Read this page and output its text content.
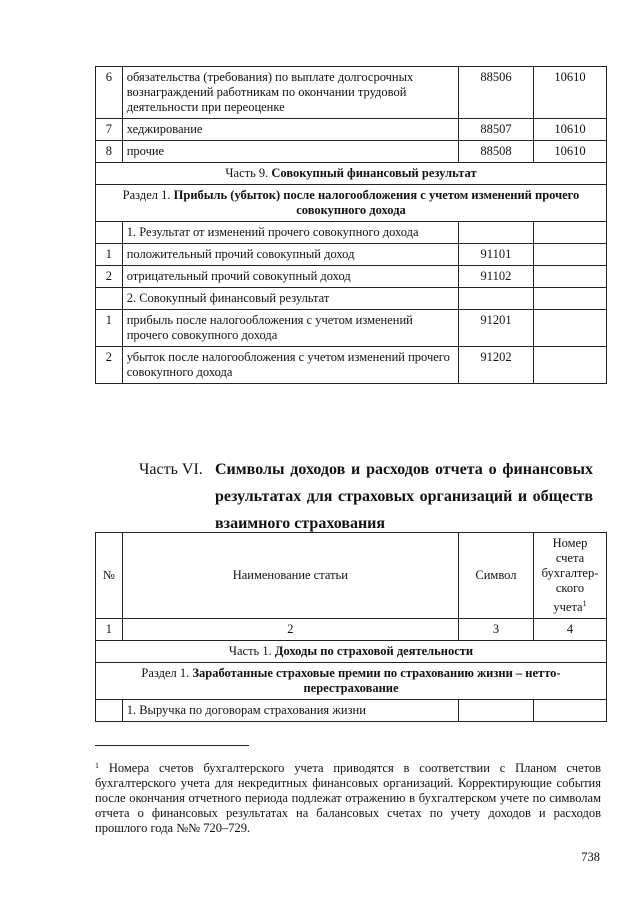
6	обязательства (требования) по выплате долгосрочных вознаграждений работникам по окончании трудовой деятельности при переоценке	88506	10610
7	хеджирование	88507	10610
8	прочие	88508	10610
Часть 9. Совокупный финансовый результат			
Раздел 1. Прибыль (убыток) после налогообложения с учетом изменений прочего совокупного дохода			
	1. Результат от изменений прочего совокупного дохода		
1	положительный прочий совокупный доход	91101	
2	отрицательный прочий совокупный доход	91102	
	2. Совокупный финансовый результат		
1	прибыль после налогообложения с учетом изменений прочего совокупного дохода	91201	
2	убыток после налогообложения с учетом изменений прочего совокупного дохода	91202	
Часть VI. Символы доходов и расходов отчета о финансовых результатах для страховых организаций и обществ взаимного страхования
№	Наименование статьи	Символ	Номер счета бухгалтер-ского учета$^1$
1	2	3	4
Часть 1. Доходы по страховой деятельности			
Раздел 1. Заработанные страховые премии по страхованию жизни – нетто-перестрахование			
	1. Выручка по договорам страхования жизни		
$^1$ Номера счетов бухгалтерского учета приводятся в соответствии с Планом счетов бухгалтерского учета для некредитных финансовых организаций. Корректирующие события после окончания отчетного периода подлежат отражению в бухгалтерском учете по символам отчета о финансовых результатах на балансовых счетах по учету доходов и расходов прошлого года №№ 720–729.
738
